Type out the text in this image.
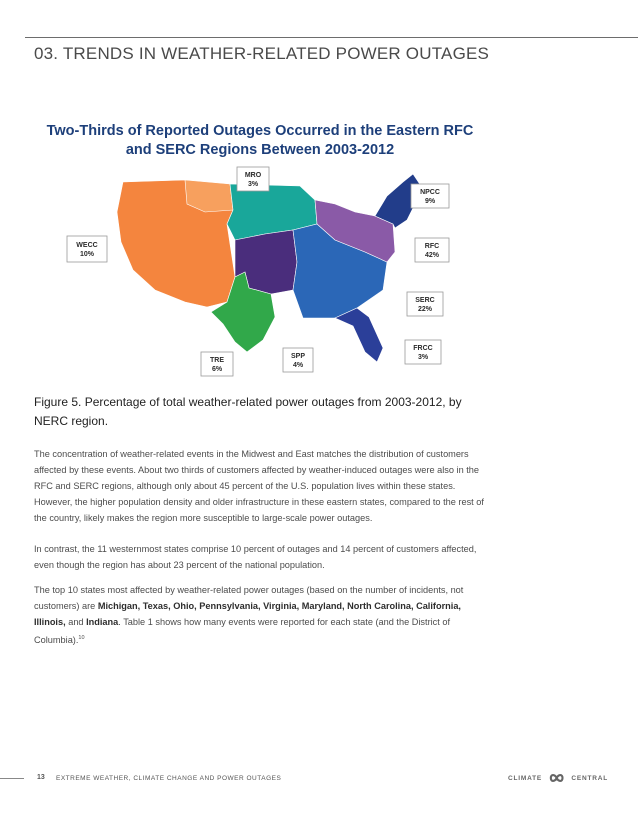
03. TRENDS IN WEATHER-RELATED POWER OUTAGES
MRO
3%
NPCC
9%
WECC
10%
RFC
42%
SERC
22%
FRCC
3%
TRE
6%
SPP
4%
Two-Thirds of Reported Outages Occurred in the Eastern RFC
and SERC Regions Between 2003-2012

Figure 5. Percentage of total weather-related power outages from 2003-2012, by NERC region.

The concentration of weather-related events in the Midwest and East matches the distribution of customers affected by these events. About two thirds of customers affected by weather-induced outages were also in the RFC and SERC regions, although only about 45 percent of the U.S. population lives within these states. However, the higher population density and older infrastructure in these eastern states, compared to the rest of the country, likely makes the region more susceptible to large-scale power outages.

In contrast, the 11 westernmost states comprise 10 percent of outages and 14 percent of customers affected, even though the region has about 23 percent of the national population.

The top 10 states most affected by weather-related power outages (based on the number of incidents, not customers) are Michigan, Texas, Ohio, Pennsylvania, Virginia, Maryland, North Carolina, California, Illinois, and Indiana. Table 1 shows how many events were reported for each state (and the District of Columbia).$^{10}$

13 EXTREME WEATHER, CLIMATE CHANGE AND POWER OUTAGES	CLIMATE	CENTRAL
